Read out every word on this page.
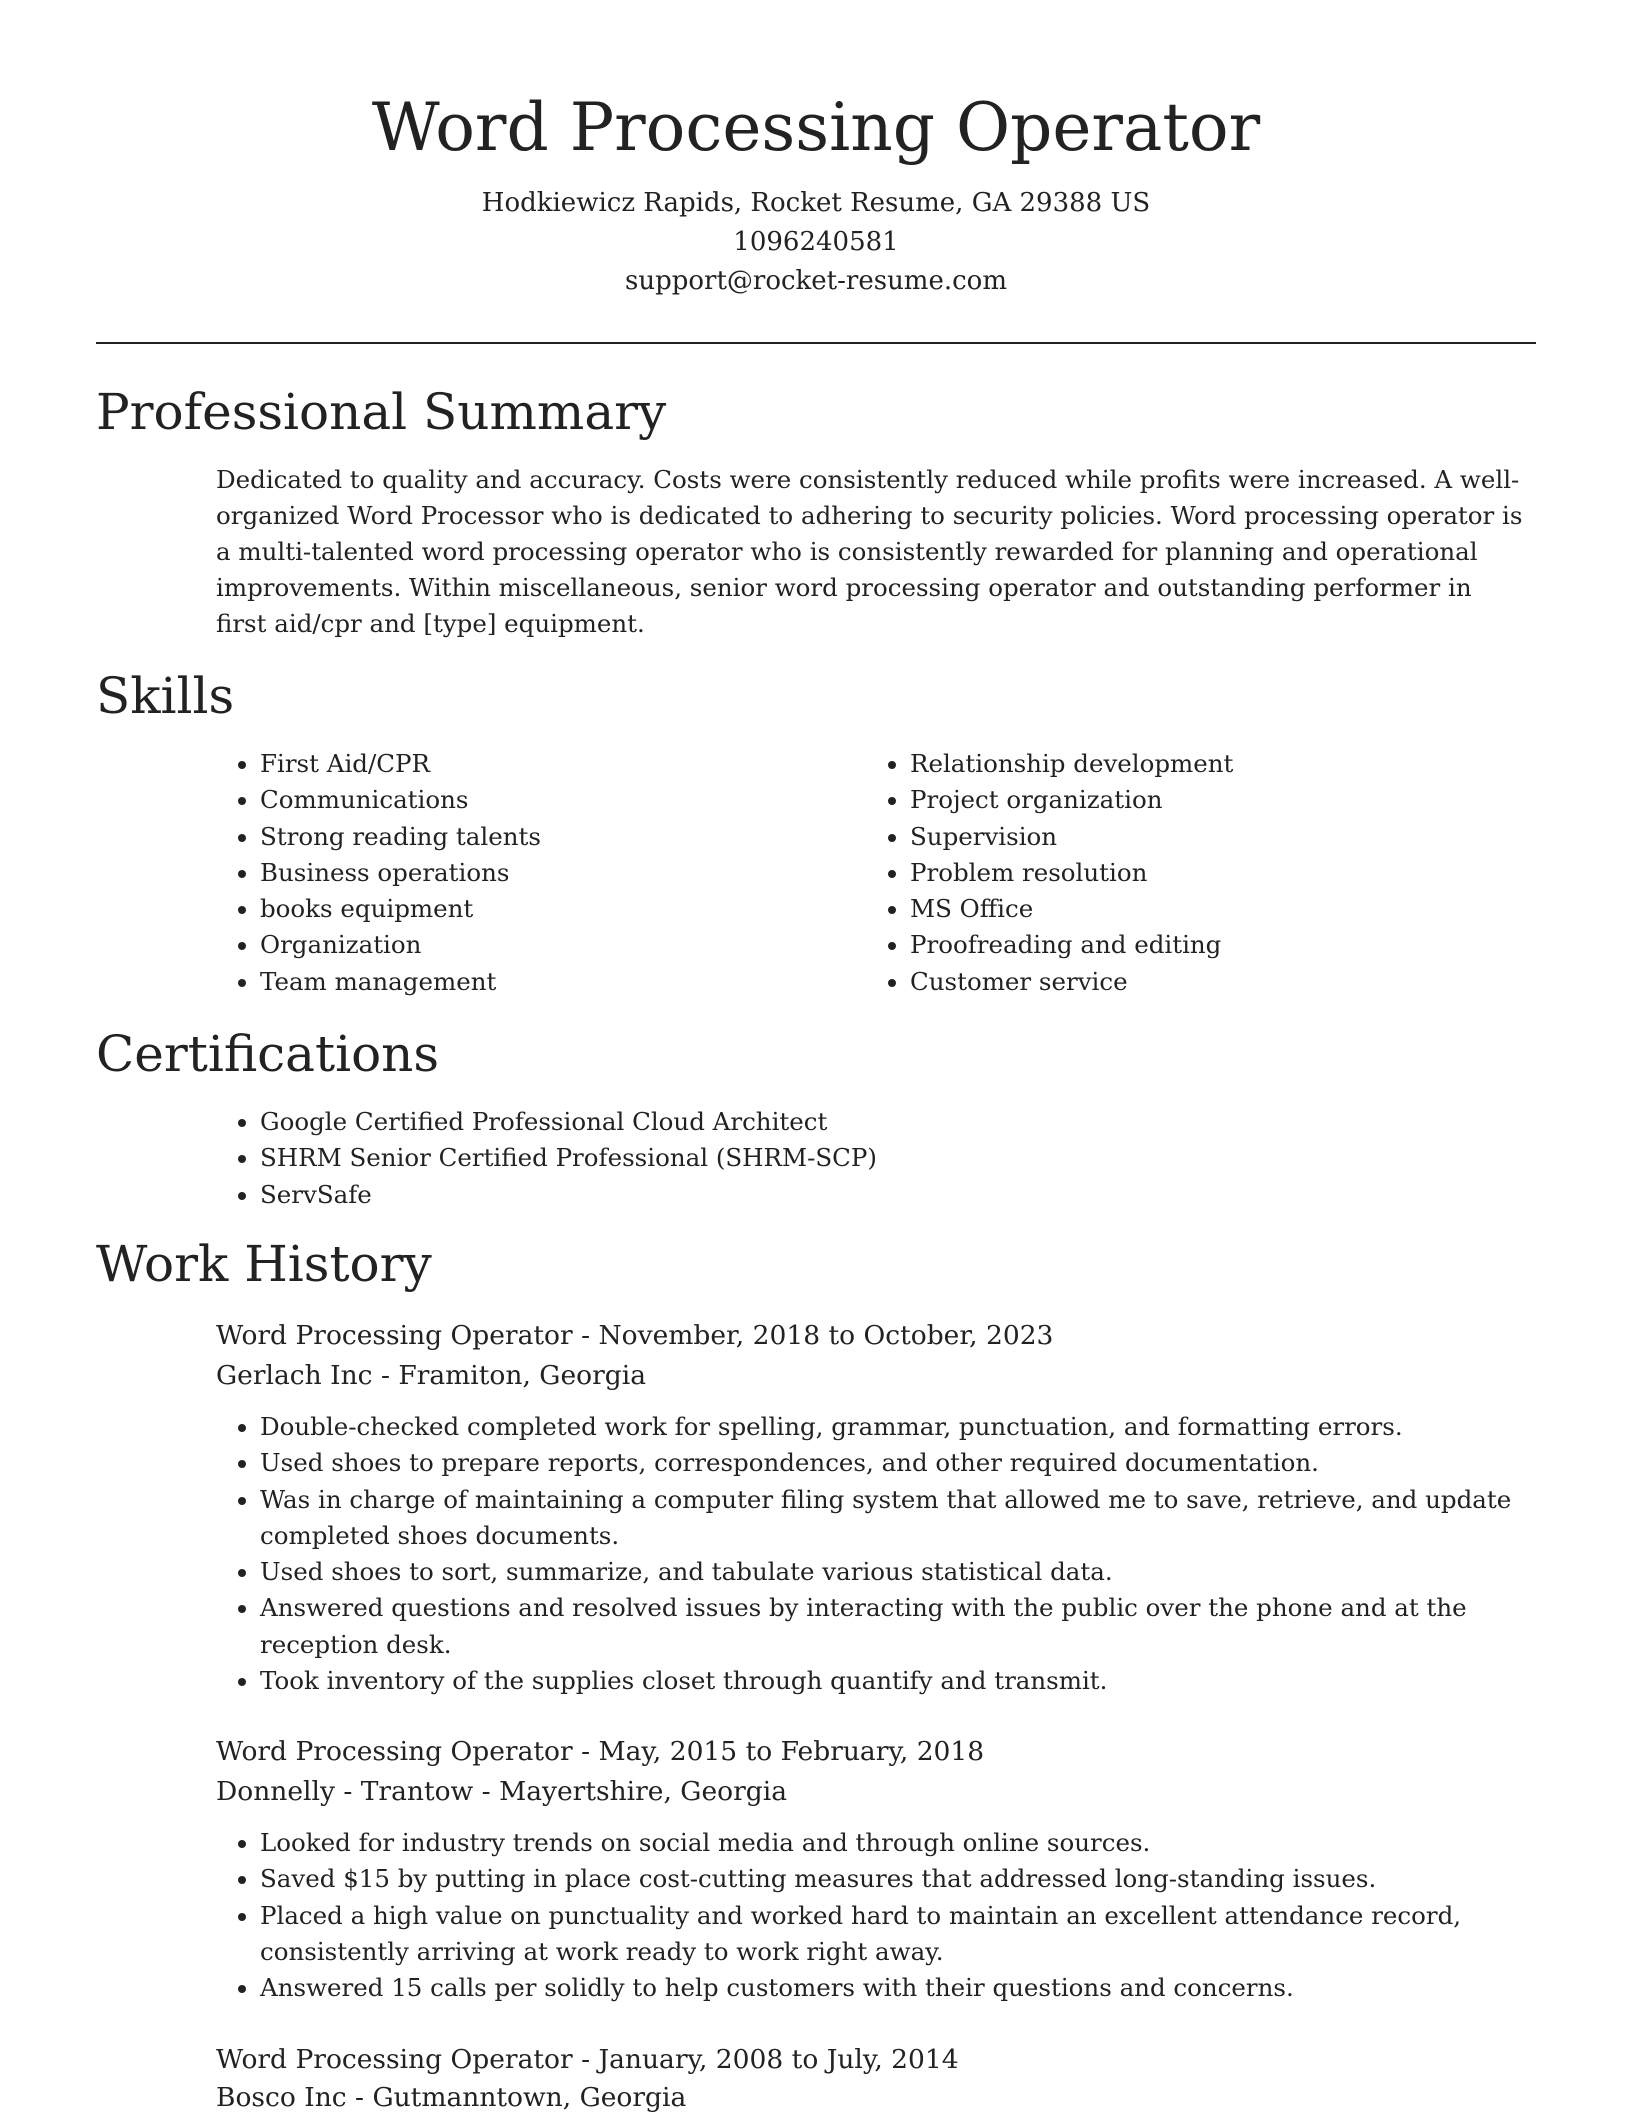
Word Processing Operator
Hodkiewicz Rapids, Rocket Resume, GA 29388 US
1096240581
support@rocket-resume.com
Professional Summary

Dedicated to quality and accuracy. Costs were consistently reduced while profits were increased. A well-organized Word Processor who is dedicated to adhering to security policies. Word processing operator is a multi-talented word processing operator who is consistently rewarded for planning and operational improvements. Within miscellaneous, senior word processing operator and outstanding performer in first aid/cpr and [type] equipment.

Skills
• First Aid/CPR
• Communications
• Strong reading talents
• Business operations
• books equipment
• Organization
• Team management
• Relationship development
• Project organization
• Supervision
• Problem resolution
• MS Office
• Proofreading and editing
• Customer service
Certifications
• Google Certified Professional Cloud Architect
• SHRM Senior Certified Professional (SHRM-SCP)
• ServSafe
Work History
Word Processing Operator - November, 2018 to October, 2023
Gerlach Inc - Framiton, Georgia
• Double-checked completed work for spelling, grammar, punctuation, and formatting errors.
• Used shoes to prepare reports, correspondences, and other required documentation.
• Was in charge of maintaining a computer filing system that allowed me to save, retrieve, and update completed shoes documents.
• Used shoes to sort, summarize, and tabulate various statistical data.
• Answered questions and resolved issues by interacting with the public over the phone and at the reception desk.
• Took inventory of the supplies closet through quantify and transmit.
Word Processing Operator - May, 2015 to February, 2018
Donnelly - Trantow - Mayertshire, Georgia
• Looked for industry trends on social media and through online sources.
• Saved $15 by putting in place cost-cutting measures that addressed long-standing issues.
• Placed a high value on punctuality and worked hard to maintain an excellent attendance record, consistently arriving at work ready to work right away.
• Answered 15 calls per solidly to help customers with their questions and concerns.
Word Processing Operator - January, 2008 to July, 2014
Bosco Inc - Gutmanntown, Georgia
